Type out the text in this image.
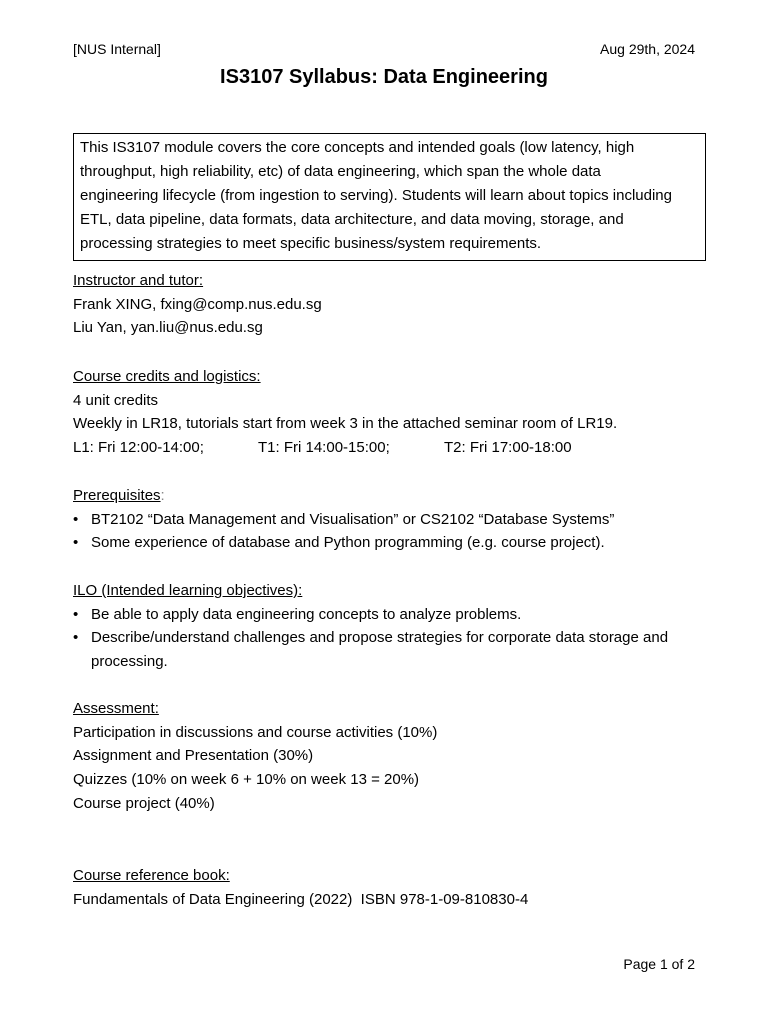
[NUS Internal]	Aug 29th, 2024
IS3107 Syllabus: Data Engineering
This IS3107 module covers the core concepts and intended goals (low latency, high
throughput, high reliability, etc) of data engineering, which span the whole data
engineering lifecycle (from ingestion to serving). Students will learn about topics including
ETL, data pipeline, data formats, data architecture, and data moving, storage, and
processing strategies to meet specific business/system requirements.
Instructor and tutor:
Frank XING, fxing@comp.nus.edu.sg
Liu Yan, yan.liu@nus.edu.sg
Course credits and logistics:
4 unit credits
Weekly in LR18, tutorials start from week 3 in the attached seminar room of LR19.
L1: Fri 12:00-14:00;	T1: Fri 14:00-15:00;	T2: Fri 17:00-18:00
Prerequisites:
• BT2102 “Data Management and Visualisation” or CS2102 “Database Systems”
• Some experience of database and Python programming (e.g. course project).
ILO (Intended learning objectives):
• Be able to apply data engineering concepts to analyze problems.
• Describe/understand challenges and propose strategies for corporate data storage and processing.
Assessment:
Participation in discussions and course activities (10%)
Assignment and Presentation (30%)
Quizzes (10% on week 6 + 10% on week 13 = 20%)
Course project (40%)
Course reference book:
Fundamentals of Data Engineering (2022)  ISBN 978-1-09-810830-4
Page 1 of 2
